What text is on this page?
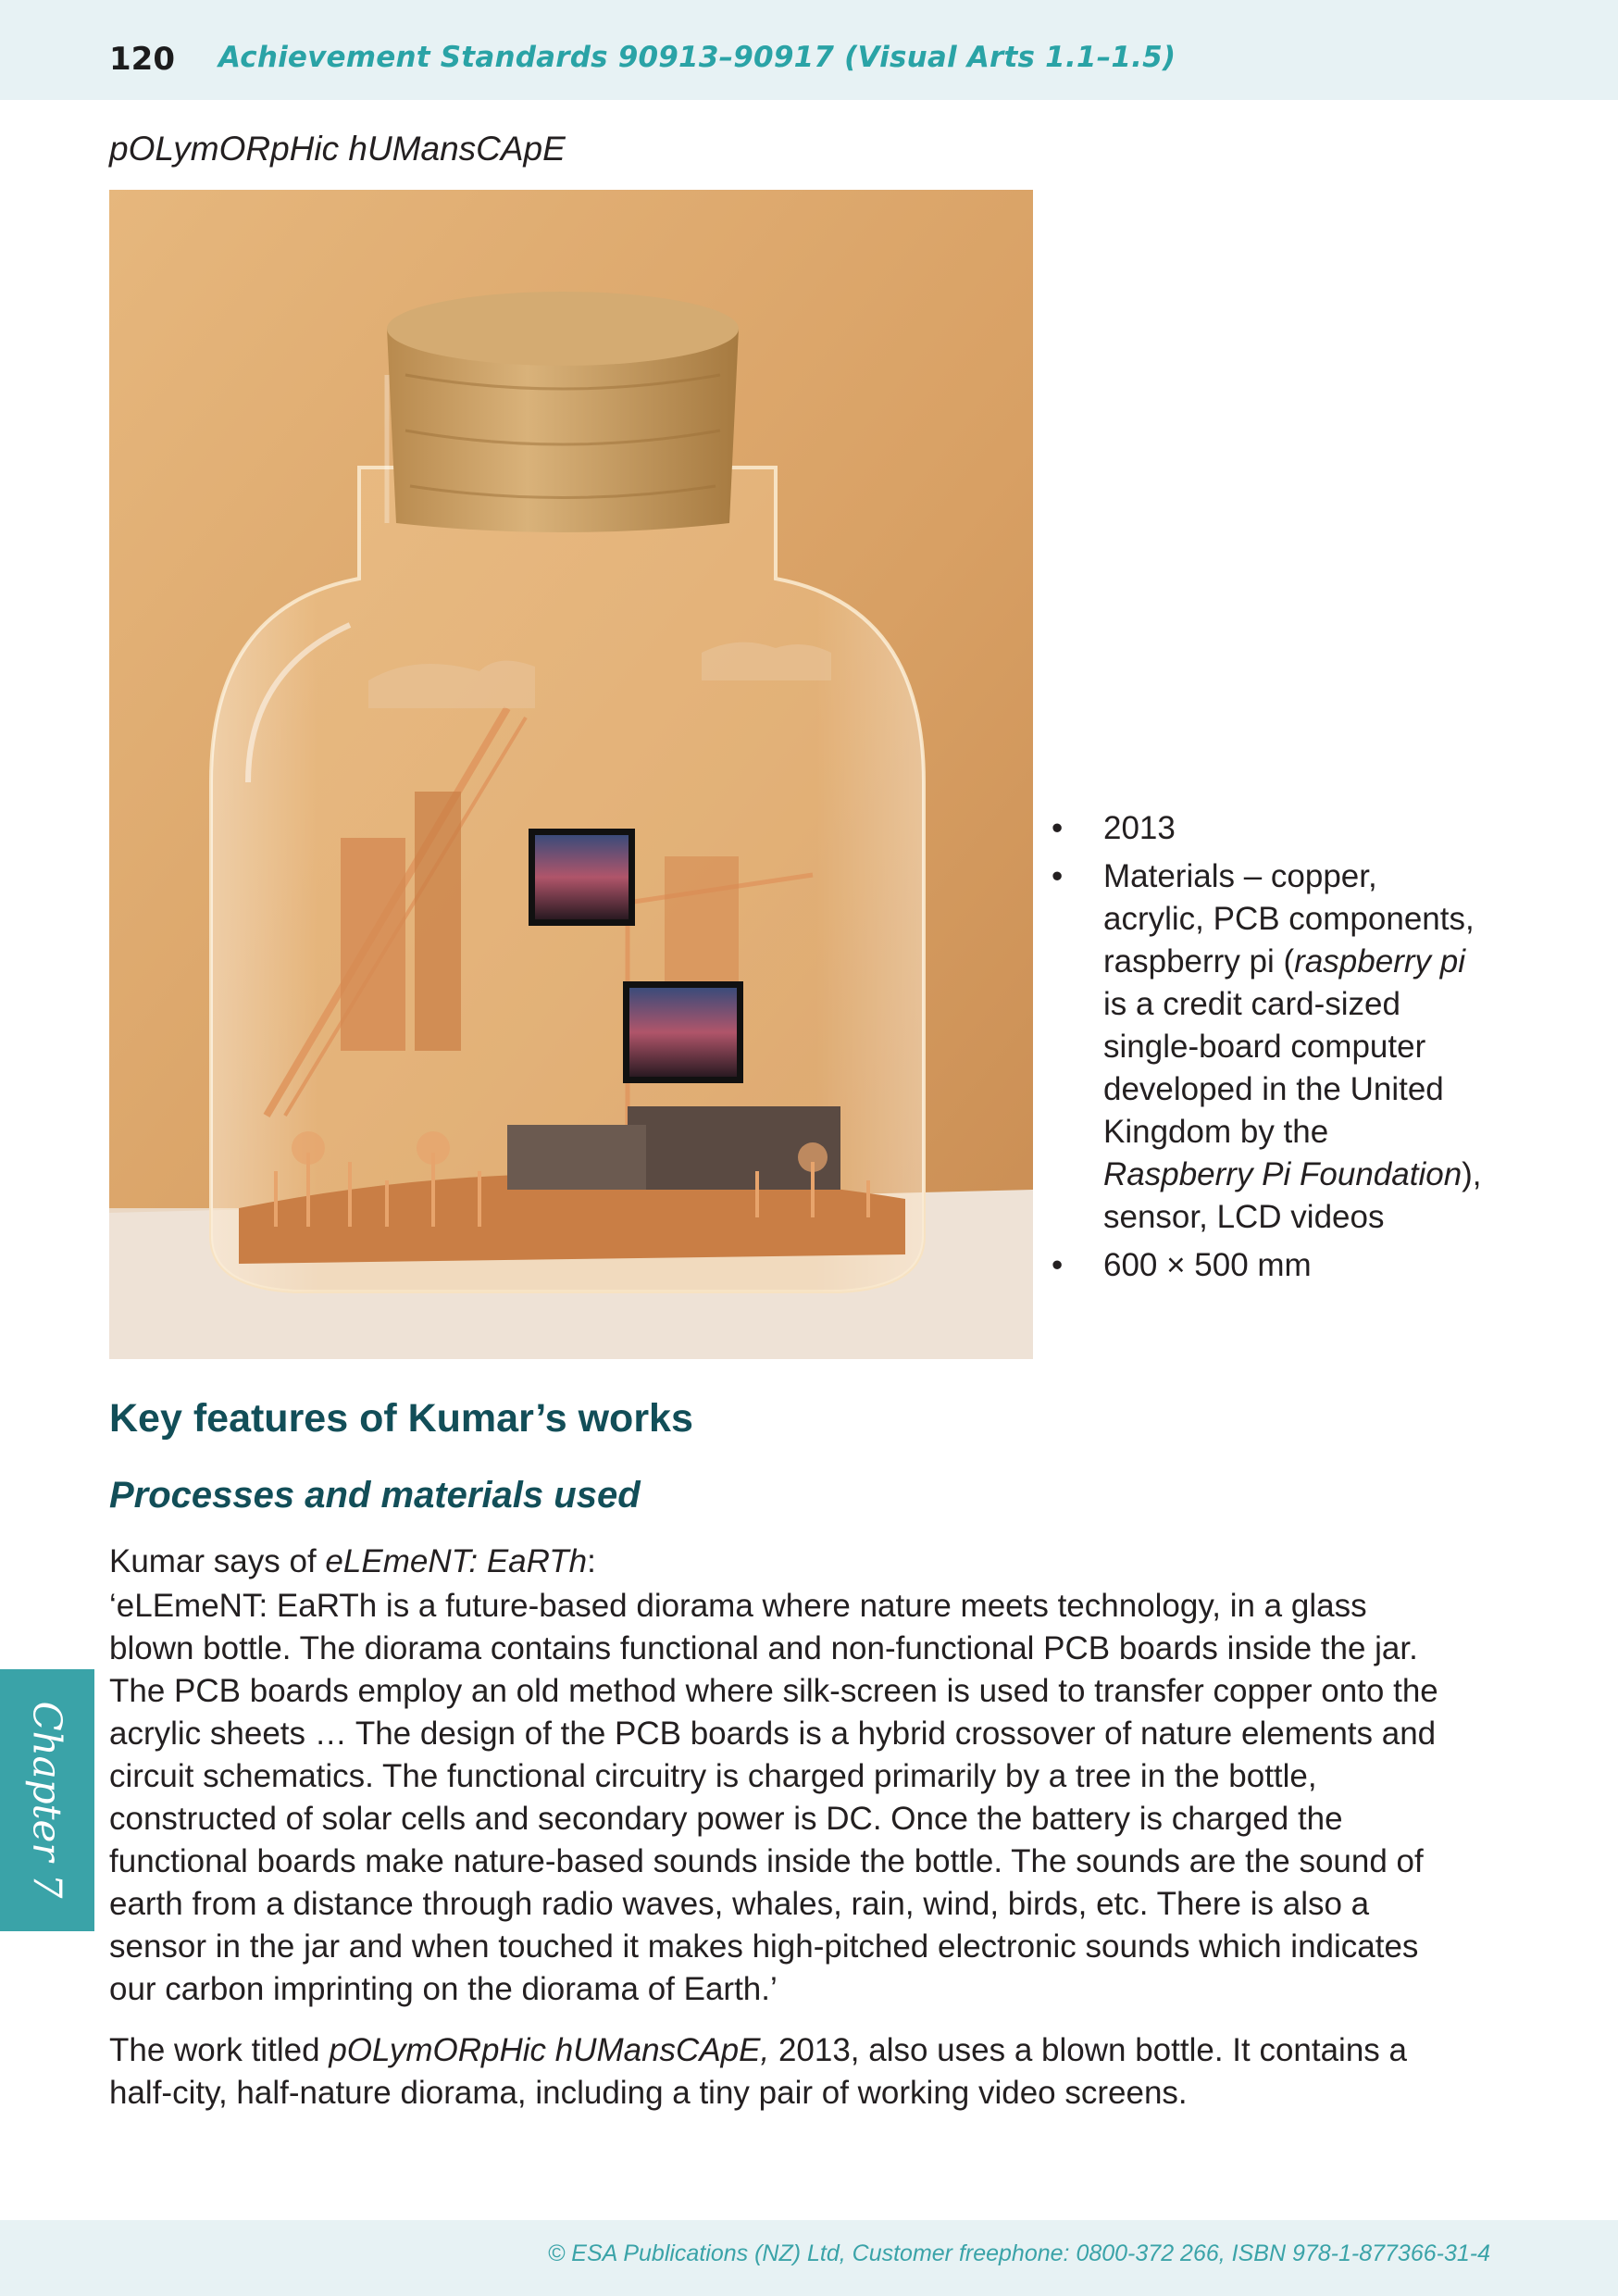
120 Achievement Standards 90913–90917 (Visual Arts 1.1–1.5)
pOLymORpHic hUMansCApE
• 2013
• Materials – copper, acrylic, PCB components, raspberry pi (raspberry pi is a credit card-sized single-board computer developed in the United Kingdom by the Raspberry Pi Foundation), sensor, LCD videos
• 600 × 500 mm
Key features of Kumar’s works
Processes and materials used

Kumar says of eLEmeNT: EaRTh:

‘eLEmeNT: EaRTh is a future-based diorama where nature meets technology, in a glass blown bottle. The diorama contains functional and non-functional PCB boards inside the jar. The PCB boards employ an old method where silk-screen is used to transfer copper onto the acrylic sheets … The design of the PCB boards is a hybrid crossover of nature elements and circuit schematics. The functional circuitry is charged primarily by a tree in the bottle, constructed of solar cells and secondary power is DC. Once the battery is charged the functional boards make nature-based sounds inside the bottle. The sounds are the sound of earth from a distance through radio waves, whales, rain, wind, birds, etc. There is also a sensor in the jar and when touched it makes high-pitched electronic sounds which indicates our carbon imprinting on the diorama of Earth.’

The work titled pOLymORpHic hUMansCApE, 2013, also uses a blown bottle. It contains a half-city, half-nature diorama, including a tiny pair of working video screens.

Chapter 7
© ESA Publications (NZ) Ltd, Customer freephone: 0800-372 266, ISBN 978-1-877366-31-4
